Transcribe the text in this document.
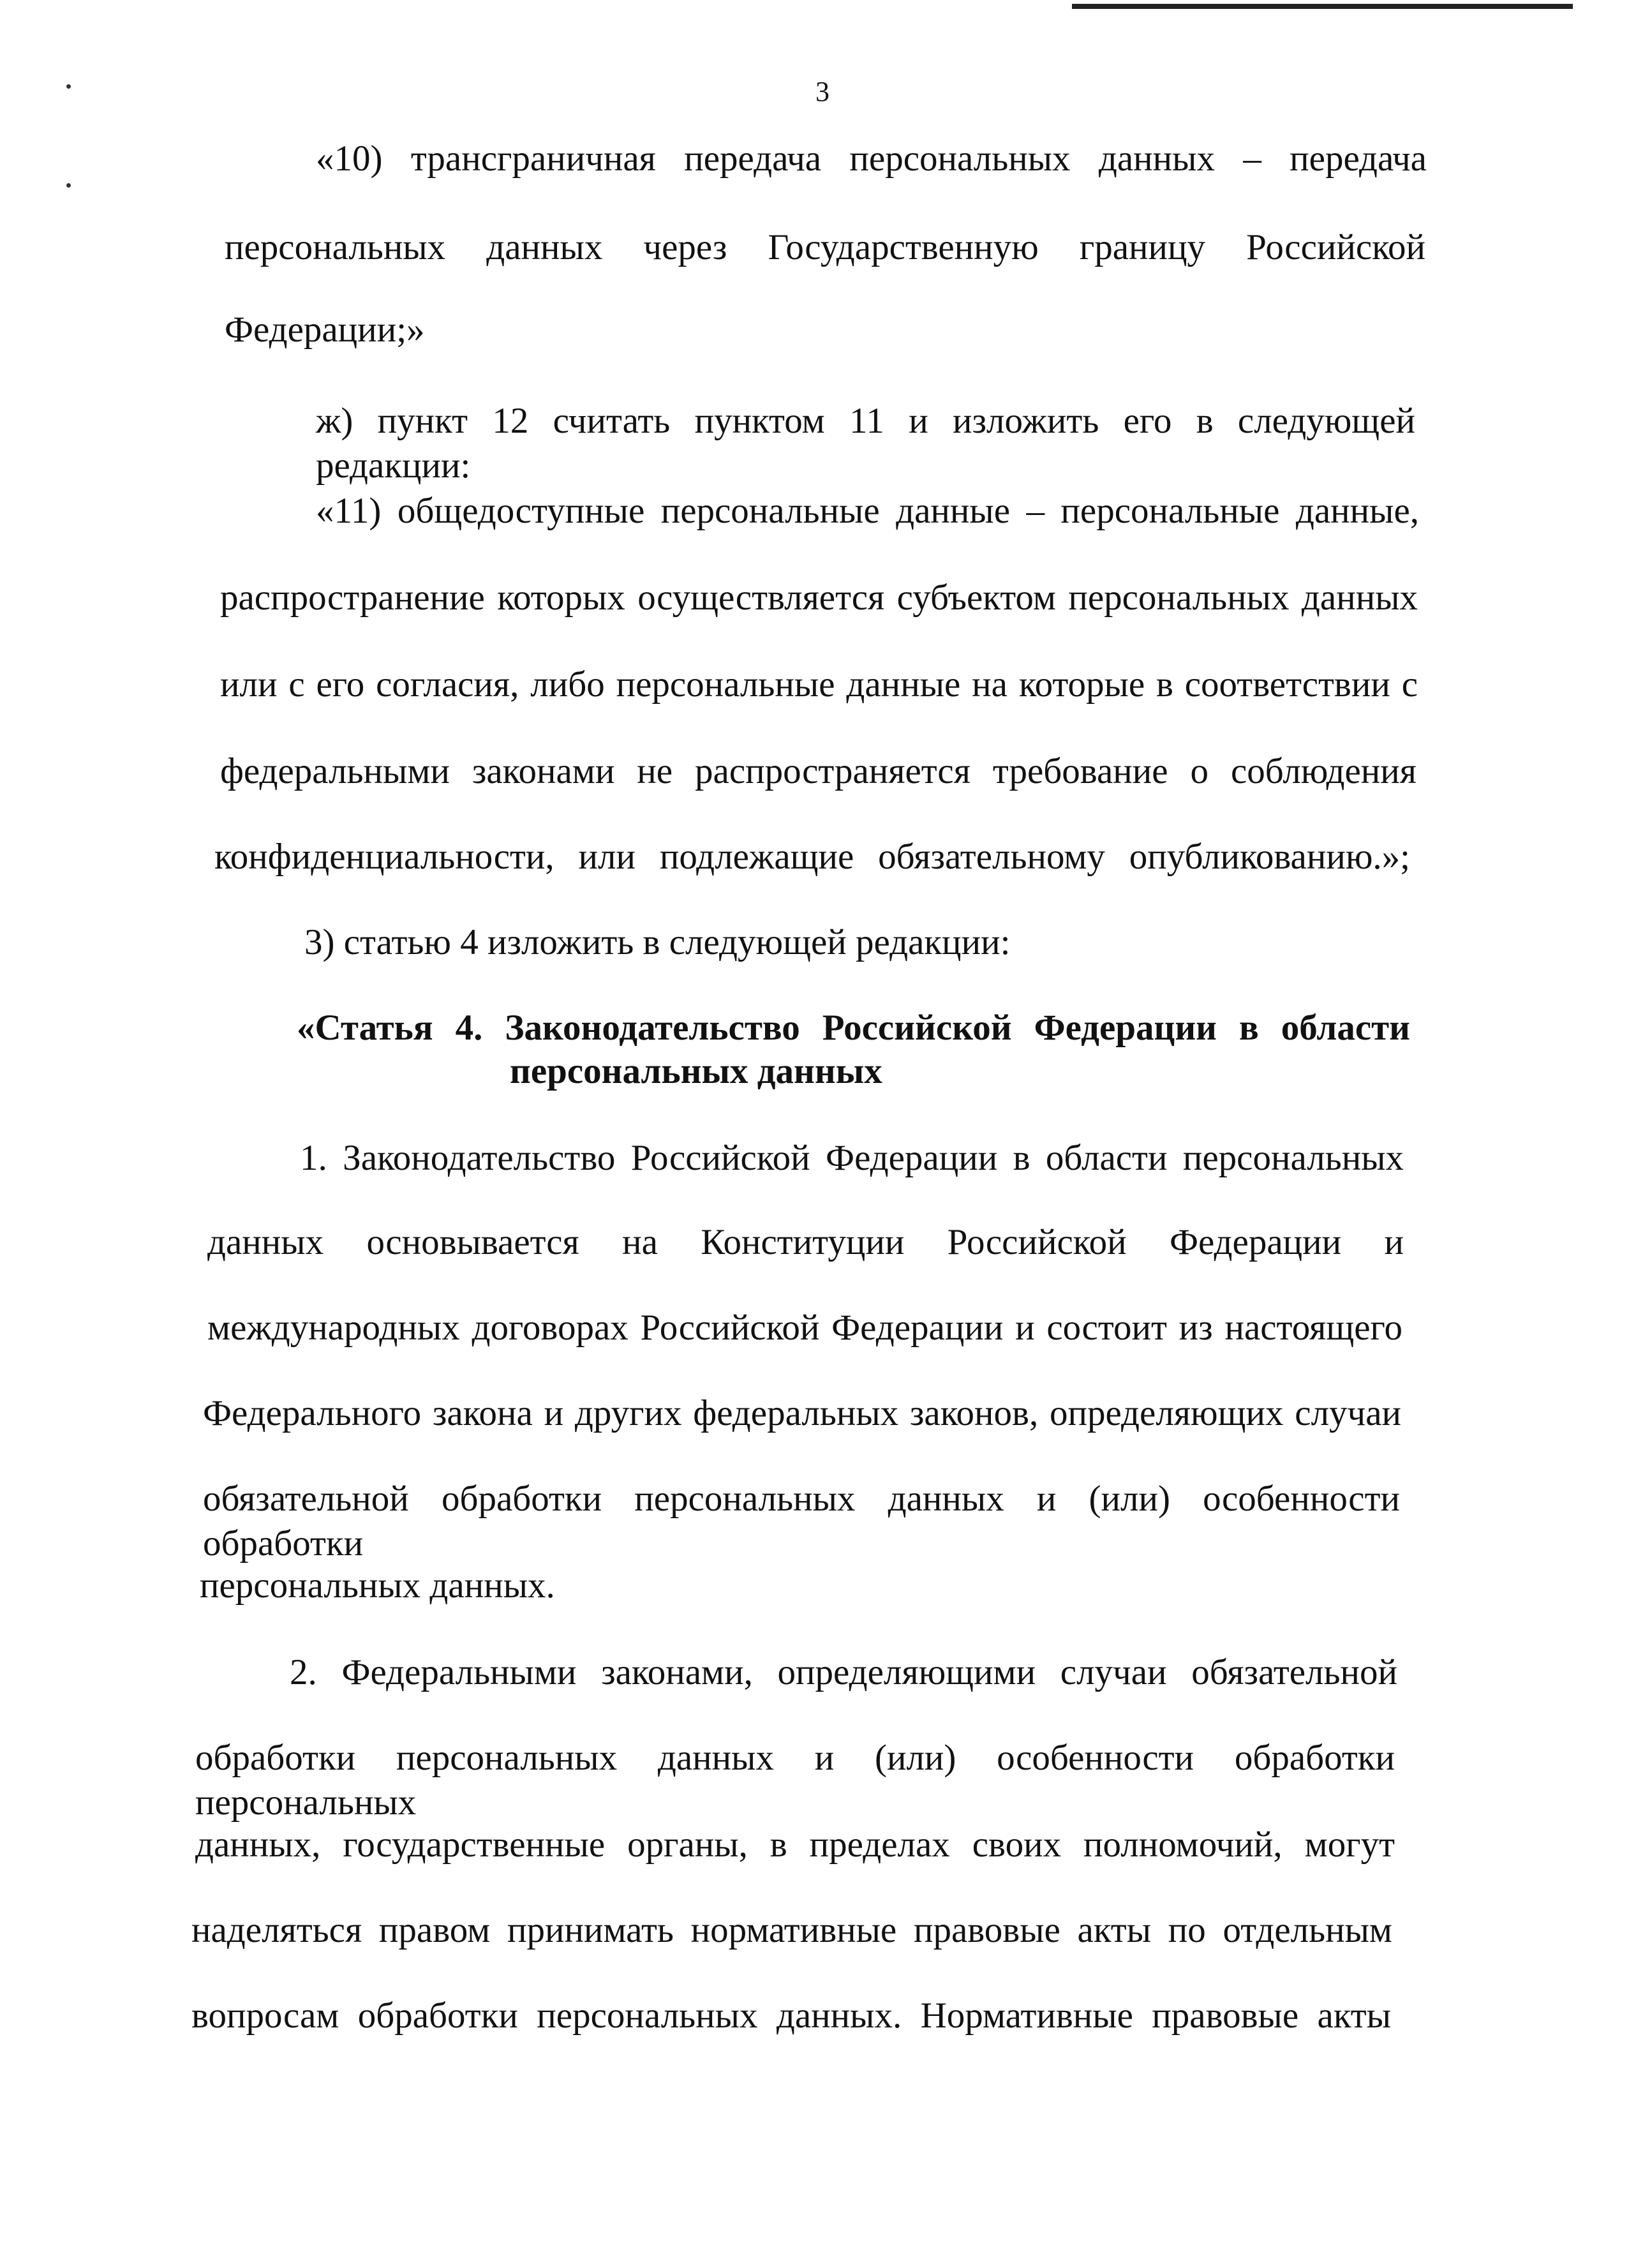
3
«10) трансграничная передача персональных данных – передача
персональных данных через Государственную границу Российской
Федерации;»
ж) пункт 12 считать пунктом 11 и изложить его в следующей редакции:
«11) общедоступные персональные данные – персональные данные,
распространение которых осуществляется субъектом персональных данных
или с его согласия, либо персональные данные на которые в соответствии с
федеральными законами не распространяется требование о соблюдения
конфиденциальности, или подлежащие обязательному опубликованию.»;
3) статью 4 изложить в следующей редакции:
«Статья 4. Законодательство Российской Федерации в области
персональных данных
1. Законодательство Российской Федерации в области персональных
данных основывается на Конституции Российской Федерации и
международных договорах Российской Федерации и состоит из настоящего
Федерального закона и других федеральных законов, определяющих случаи
обязательной обработки персональных данных и (или) особенности обработки
персональных данных.
2. Федеральными законами, определяющими случаи обязательной
обработки персональных данных и (или) особенности обработки персональных
данных, государственные органы, в пределах своих полномочий, могут
наделяться правом принимать нормативные правовые акты по отдельным
вопросам обработки персональных данных. Нормативные правовые акты
